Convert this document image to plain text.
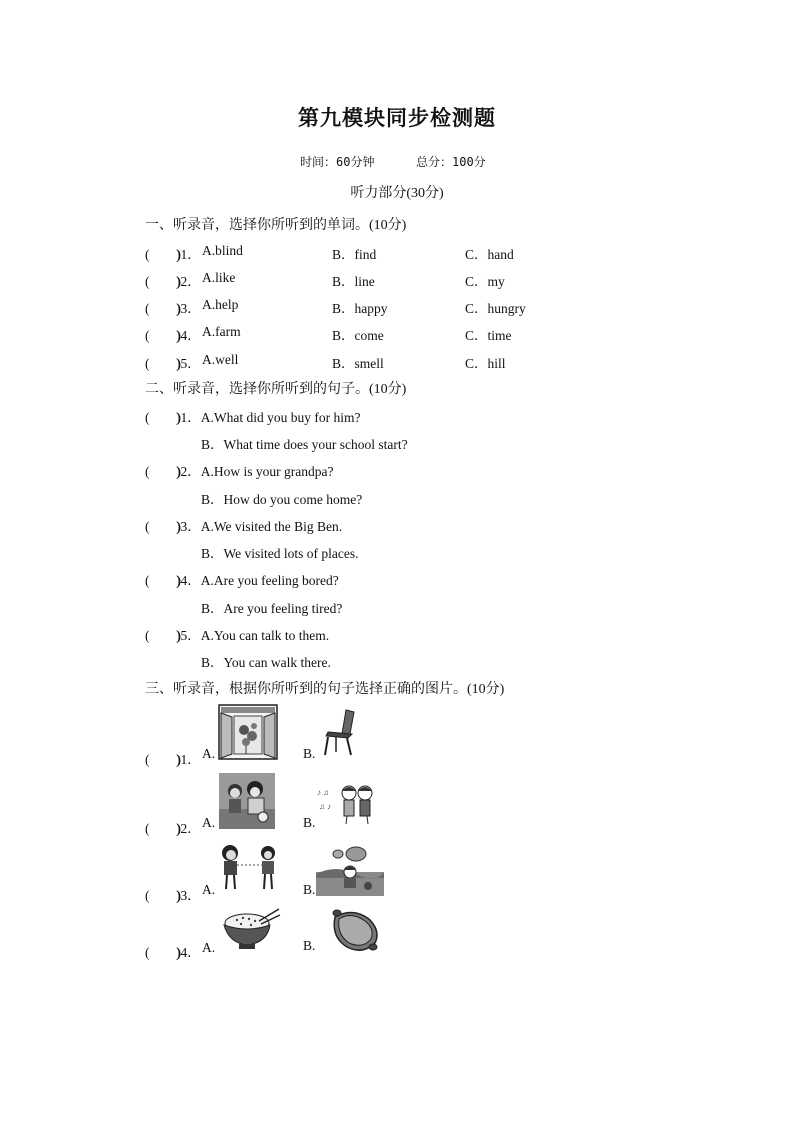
第九模块同步检测题
时间：60分钟	总分：100分
听力部分(30分)
一、听录音，选择你所听到的单词。(10分)
(　　)
)1． A.blind	B．find	C．hand
(　　)
)2． A.like	B．line	C．my
(　　)
)3． A.help	B．happy	C．hungry
(　　)
)4． A.farm	B．come	C．time
(　　)
)5． A.well	B．smell	C．hill
二、听录音，选择你所听到的句子。(10分)
(　　)
)1．A.What did you buy for him?
B．What time does your school start?
(　　)
)2．A.How is your grandpa?
B．How do you come home?
(　　)
)3．A.We visited the Big Ben.
B．We visited lots of places.
(　　)
)4．A.Are you feeling bored?
B．Are you feeling tired?
(　　)
)5．A.You can talk to them.
B．You can walk there.
三、听录音，根据你所听到的句子选择正确的图片。(10分)
(　　)
)1． A.	B.
(　　)
)2． A.	B.
♪ ♫
♫ ♪
(　　)
)3． A.	B.
(　　)
)4． A.	B.
